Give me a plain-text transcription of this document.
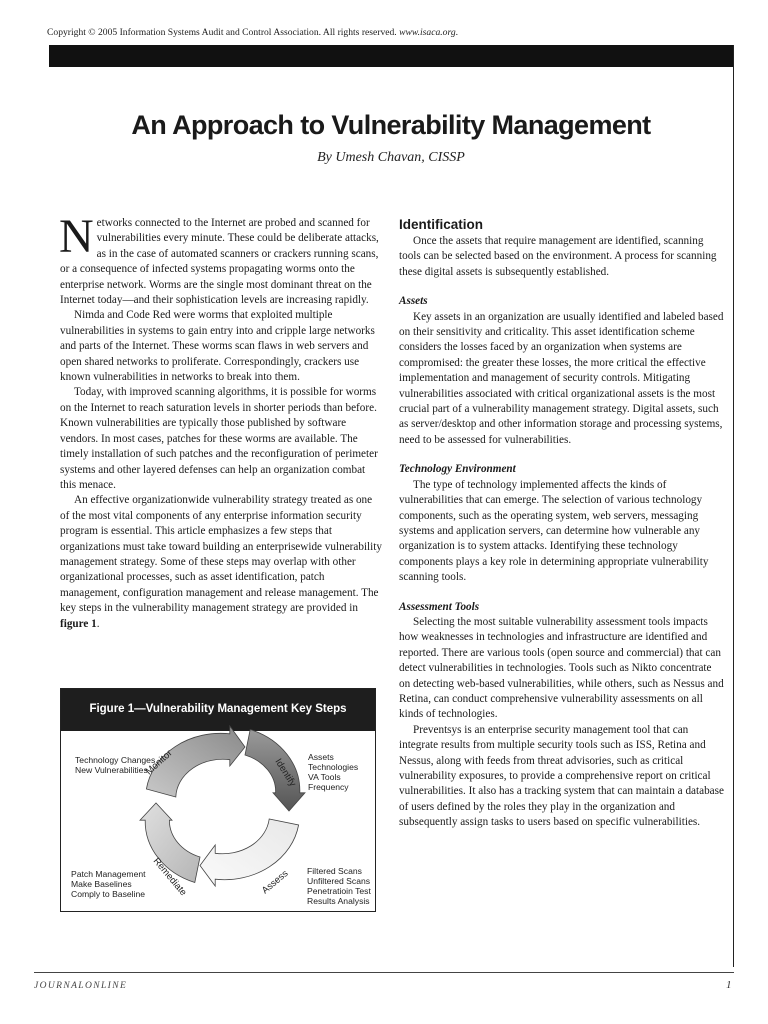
Copyright © 2005 Information Systems Audit and Control Association. All rights reserved. www.isaca.org.
An Approach to Vulnerability Management
By Umesh Chavan, CISSP

Networks connected to the Internet are probed and scanned for vulnerabilities every minute. These could be deliberate attacks, as in the case of automated scanners or crackers running scans, or a consequence of infected systems propagating worms onto the enterprise network. Worms are the single most dominant threat on the Internet today—and their sophistication levels are increasing rapidly.

Nimda and Code Red were worms that exploited multiple vulnerabilities in systems to gain entry into and cripple large networks and parts of the Internet. These worms scan flaws in web servers and open shared networks to proliferate. Correspondingly, crackers use known vulnerabilities in networks to break into them.

Today, with improved scanning algorithms, it is possible for worms on the Internet to reach saturation levels in shorter periods than before. Known vulnerabilities are typically those published by software vendors. In most cases, patches for these worms are available. The timely installation of such patches and the reconfiguration of perimeter systems and other layered defenses can help an organization combat this menace.

An effective organizationwide vulnerability strategy treated as one of the most vital components of any enterprise information security program is essential. This article emphasizes a few steps that organizations must take toward building an enterprisewide vulnerability management strategy. Some of these steps may overlap with other organizational processes, such as asset identification, patch management, configuration management and release management. The key steps in the vulnerability management strategy are provided in figure 1.

Identification

Once the assets that require management are identified, scanning tools can be selected based on the environment. A process for scanning these digital assets is subsequently established.

Assets

Key assets in an organization are usually identified and labeled based on their sensitivity and criticality. This asset identification scheme considers the losses faced by an organization when systems are compromised: the greater these losses, the more critical the effective implementation and management of security controls. Mitigating vulnerabilities associated with critical organizational assets is the most crucial part of a vulnerability management strategy. Digital assets, such as server/desktop and other information storage and processing systems, need to be assessed for vulnerabilities.

Technology Environment

The type of technology implemented affects the kinds of vulnerabilities that can emerge. The selection of various technology components, such as the operating system, web servers, messaging systems and application servers, can determine how vulnerable any organization is to system attacks. Identifying these technology components plays a key role in determining appropriate vulnerability scanning tools.

Assessment Tools

Selecting the most suitable vulnerability assessment tools impacts how weaknesses in technologies and infrastructure are identified and reported. There are various tools (open source and commercial) that can detect vulnerabilities in technologies. Tools such as Nikto concentrate on detecting web-based vulnerabilities, while others, such as Nessus and Retina, can conduct comprehensive vulnerability assessments on all kinds of technologies.

Preventsys is an enterprise security management tool that can integrate results from multiple security tools such as ISS, Retina and Nessus, along with feeds from threat advisories, such as critical vulnerability exposures, to provide a comprehensive report on critical vulnerabilities. It also has a tracking system that can maintain a database of users defined by the roles they play in the organization and subsequently assign tasks to users based on specific vulnerabilities.

Figure 1—Vulnerability Management Key Steps
Monitor	Identify
Assess
Remediate
Technology Changes
New Vulnerabilities
Assets
Technologies
VA Tools
Frequency
Filtered Scans
Unfiltered Scans
Penetratioin Test
Results Analysis
Patch Management
Make Baselines
Comply to Baseline
JOURNALONLINE	1
